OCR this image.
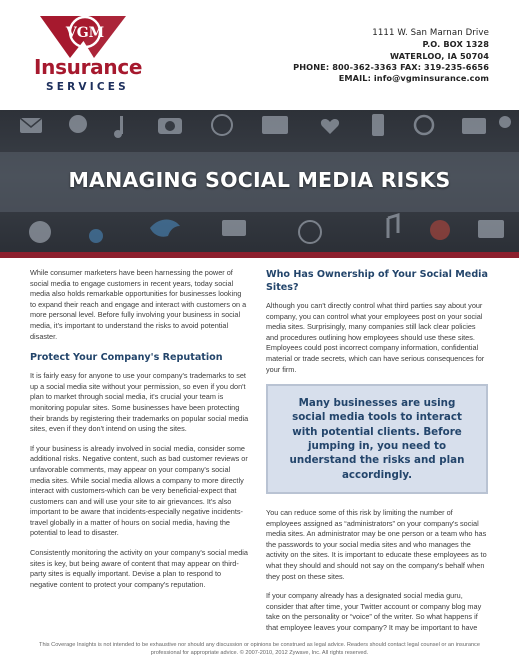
VGM
Insurance
SERVICES
1111 W. San Marnan Drive
P.O. BOX 1328
WATERLOO, IA 50704
PHONE: 800-362-3363 FAX: 319-235-6656
EMAIL: info@vgminsurance.com
MANAGING SOCIAL MEDIA RISKS

While consumer marketers have been harnessing the power of social media to engage customers in recent years, today social media also holds remarkable opportunities for businesses looking to expand their reach and engage and interact with customers on a more personal level. Before fully involving your business in social media, it's important to understand the risks to avoid potential disaster.

Protect Your Company's Reputation

It is fairly easy for anyone to use your company's trademarks to set up a social media site without your permission, so even if you don't plan to market through social media, it's crucial your team is monitoring popular sites. Some businesses have been protecting their brands by registering their trademarks on popular social media sites, even if they don't intend on using the sites.

If your business is already involved in social media, consider some additional risks. Negative content, such as bad customer reviews or unfavorable comments, may appear on your company's social media sites. While social media allows a company to more directly interact with customers-which can be very beneficial-expect that customers can and will use your site to air grievances. It's also important to be aware that incidents-especially negative incidents-travel globally in a matter of hours on social media, having the potential to lead to disaster.

Consistently monitoring the activity on your company's social media sites is key, but being aware of content that may appear on third-party sites is equally important. Devise a plan to respond to negative content to protect your company's reputation.

Who Has Ownership of Your Social Media Sites?

Although you can't directly control what third parties say about your company, you can control what your employees post on your social media sites. Surprisingly, many companies still lack clear policies and procedures outlining how employees should use these sites. Employees could post incorrect company information, confidential material or trade secrets, which can have serious consequences for your firm.

Many businesses are using social media tools to interact with potential clients. Before jumping in, you need to understand the risks and plan accordingly.

You can reduce some of this risk by limiting the number of employees assigned as “administrators” on your company's social media sites. An administrator may be one person or a team who has the passwords to your social media sites and who manages the activity on the sites. It is important to educate these employees as to what they should and should not say on the company's behalf when they post on these sites.

If your company already has a designated social media guru, consider that after time, your Twitter account or company blog may take on the personality or “voice” of the writer. So what happens if that employee leaves your company? It may be important to have

This Coverage Insights is not intended to be exhaustive nor should any discussion or opinions be construed as legal advice. Readers should contact legal counsel or an insurance
professional for appropriate advice. © 2007-2010, 2012 Zywave, Inc. All rights reserved.
